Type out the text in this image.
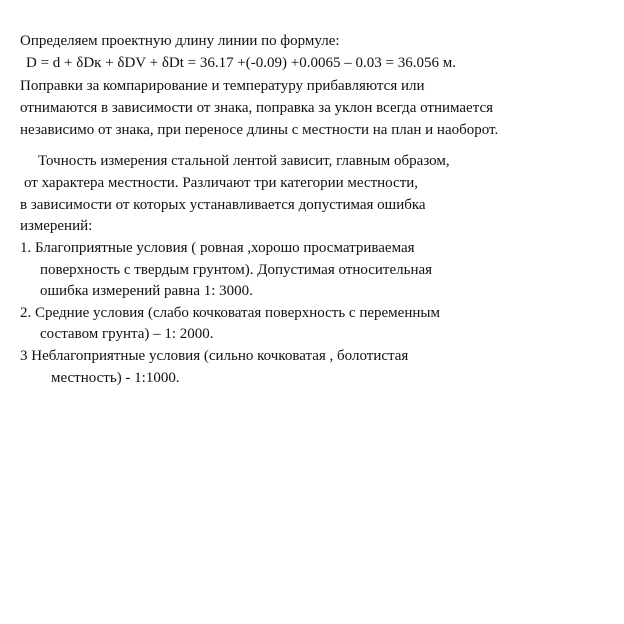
Определяем проектную длину линии по формуле:
D = d + δDк + δDV + δDt = 36.17 +(-0.09) +0.0065 – 0.03 = 36.056 м.
Поправки за компарирование и температуру прибавляются или
отнимаются в зависимости от знака, поправка за уклон всегда отнимается
независимо от знака, при переносе длины с местности на план и наоборот.
Точность измерения стальной лентой зависит, главным образом,
от характера местности. Различают три категории местности,
в зависимости от которых устанавливается допустимая ошибка
измерений:
1. Благоприятные условия ( ровная ,хорошо просматриваемая
поверхность с твердым грунтом). Допустимая относительная
ошибка измерений равна 1: 3000.
2. Средние условия (слабо кочковатая поверхность с переменным
составом грунта) – 1: 2000.
3 Неблагоприятные условия (сильно кочковатая , болотистая
местность) - 1:1000.
